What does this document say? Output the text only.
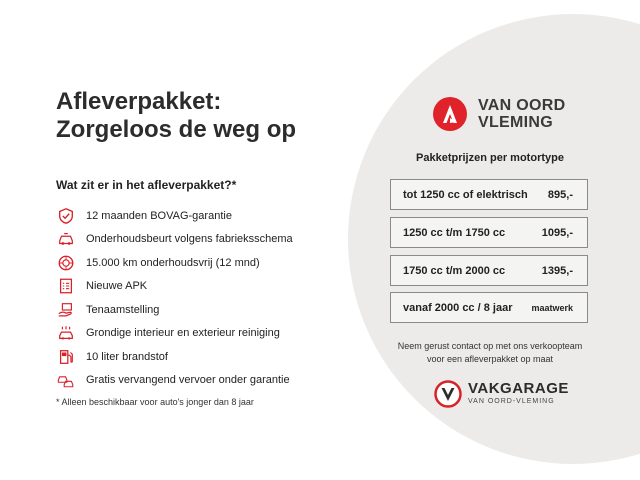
Afleverpakket:
Zorgeloos de weg op
Wat zit er in het afleverpakket?*
12 maanden BOVAG-garantie
Onderhoudsbeurt volgens fabrieksschema
15.000 km onderhoudsvrij (12 mnd)
Nieuwe APK
Tenaamstelling
Grondige interieur en exterieur reiniging
10 liter brandstof
Gratis vervangend vervoer onder garantie
* Alleen beschikbaar voor auto's jonger dan 8 jaar
VAN OORD
VLEMING
Pakketprijzen per motortype
tot 1250 cc of elektrisch 895,-
1250 cc t/m 1750 cc	1095,-
1750 cc t/m 2000 cc	1395,-
vanaf 2000 cc / 8 jaar maatwerk
Neem gerust contact op met ons verkoopteam
voor een afleverpakket op maat
VAKGARAGE
VAN OORD-VLEMING
